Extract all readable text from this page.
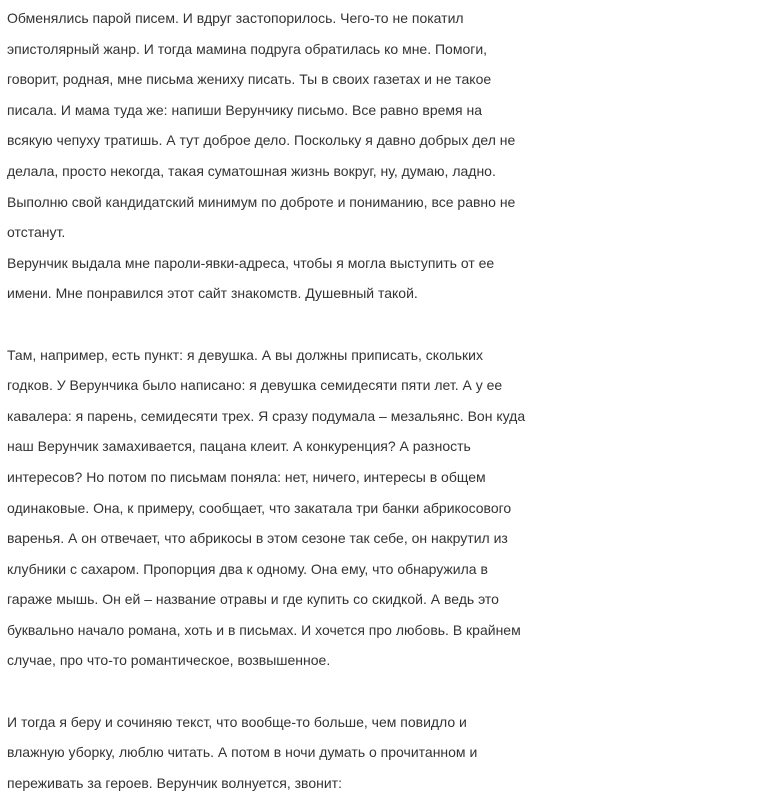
Обменялись парой писем. И вдруг застопорилось. Чего-то не покатил
эпистолярный жанр. И тогда мамина подруга обратилась ко мне. Помоги,
говорит, родная, мне письма жениху писать. Ты в своих газетах и не такое
писала. И мама туда же: напиши Верунчику письмо. Все равно время на
всякую чепуху тратишь. А тут доброе дело. Поскольку я давно добрых дел не
делала, просто некогда, такая суматошная жизнь вокруг, ну, думаю, ладно.
Выполню свой кандидатский минимум по доброте и пониманию, все равно не
отстанут.

Верунчик выдала мне пароли-явки-адреса, чтобы я могла выступить от ее
имени. Мне понравился этот сайт знакомств. Душевный такой.

Там, например, есть пункт: я девушка. А вы должны приписать, скольких
годков. У Верунчика было написано: я девушка семидесяти пяти лет. А у ее
кавалера: я парень, семидесяти трех. Я сразу подумала – мезальянс. Вон куда
наш Верунчик замахивается, пацана клеит. А конкуренция? А разность
интересов? Но потом по письмам поняла: нет, ничего, интересы в общем
одинаковые. Она, к примеру, сообщает, что закатала три банки абрикосового
варенья. А он отвечает, что абрикосы в этом сезоне так себе, он накрутил из
клубники с сахаром. Пропорция два к одному. Она ему, что обнаружила в
гараже мышь. Он ей – название отравы и где купить со скидкой. А ведь это
буквально начало романа, хоть и в письмах. И хочется про любовь. В крайнем
случае, про что-то романтическое, возвышенное.

И тогда я беру и сочиняю текст, что вообще-то больше, чем повидло и
влажную уборку, люблю читать. А потом в ночи думать о прочитанном и
переживать за героев. Верунчик волнуется, звонит:
